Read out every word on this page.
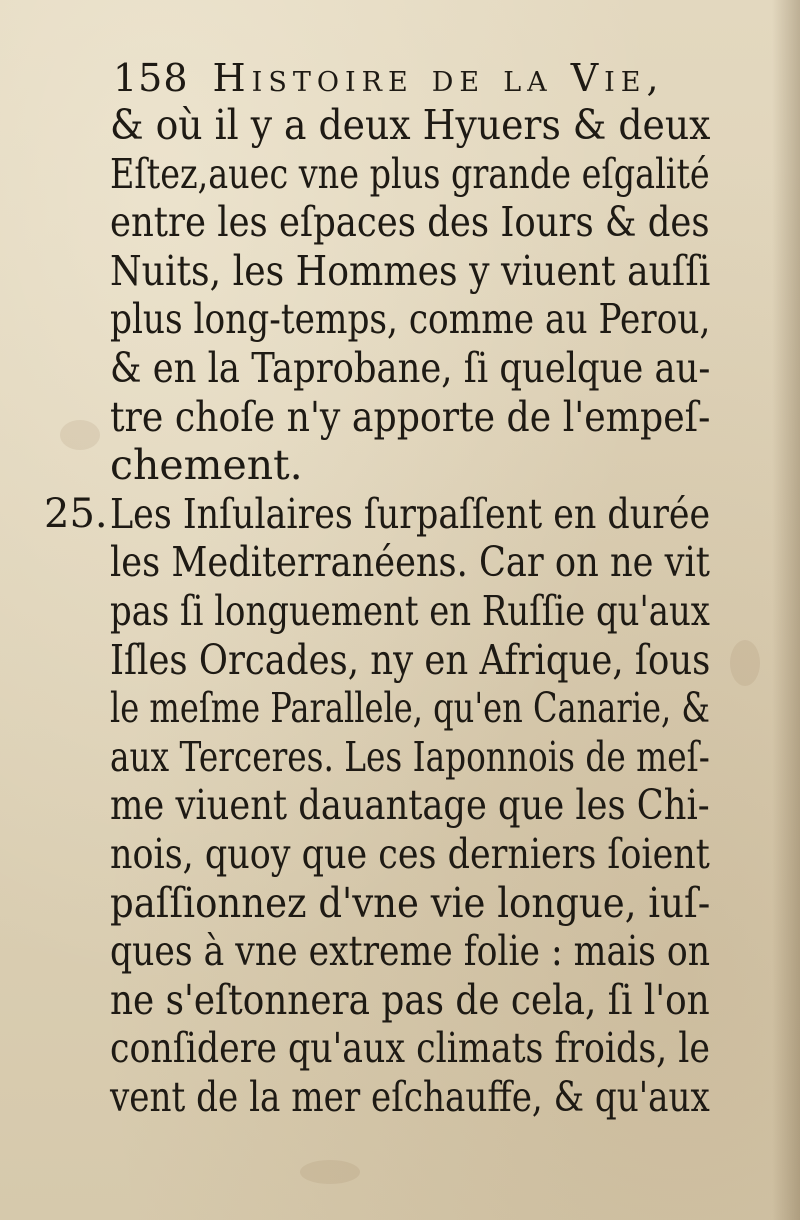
158 Histoire de la Vie,
25.
& où il y a deux Hyuers & deux
Eſtez,auec vne plus grande eſgalité
entre les eſpaces des Iours & des
Nuits, les Hommes y viuent auſſi
plus long-temps, comme au Perou,
& en la Taprobane, ſi quelque au-
tre choſe n'y apporte de l'empeſ-
chement.
Les Inſulaires ſurpaſſent en durée
les Mediterranéens. Car on ne vit
pas ſi longuement en Ruſſie qu'aux
Iſles Orcades, ny en Afrique, ſous
le meſme Parallele, qu'en Canarie, &
aux Terceres. Les Iaponnois de meſ-
me viuent dauantage que les Chi-
nois, quoy que ces derniers ſoient
paſſionnez d'vne vie longue, iuſ-
ques à vne extreme folie : mais on
ne s'eſtonnera pas de cela, ſi l'on
conſidere qu'aux climats froids, le
vent de la mer eſchauffe, & qu'aux
